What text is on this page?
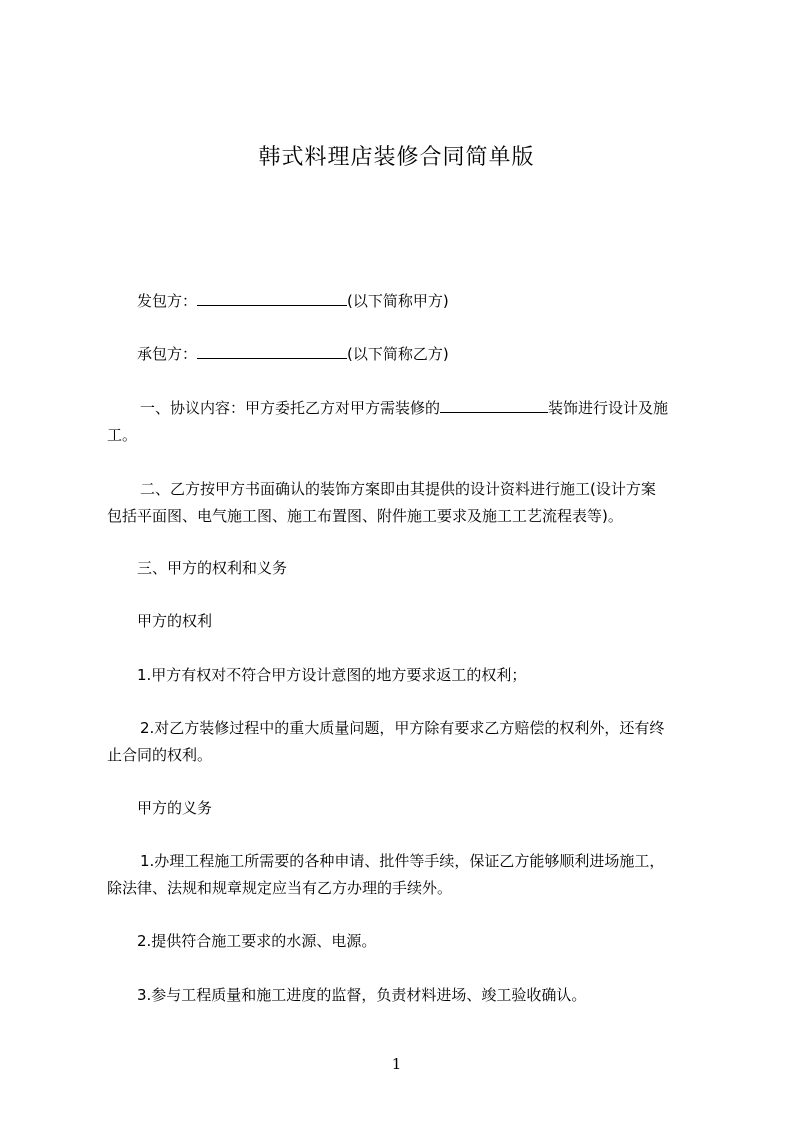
韩式料理店装修合同简单版
发包方：	(以下简称甲方)
承包方：	(以下简称乙方)
一、协议内容：甲方委托乙方对甲方需装修的	装饰进行设计及施
工。
二、乙方按甲方书面确认的装饰方案即由其提供的设计资料进行施工(设计方案
包括平面图、电气施工图、施工布置图、附件施工要求及施工工艺流程表等)。
三、甲方的权利和义务
甲方的权利
1.甲方有权对不符合甲方设计意图的地方要求返工的权利；
2.对乙方装修过程中的重大质量问题，甲方除有要求乙方赔偿的权利外，还有终
止合同的权利。
甲方的义务
1.办理工程施工所需要的各种申请、批件等手续，保证乙方能够顺利进场施工，
除法律、法规和规章规定应当有乙方办理的手续外。
2.提供符合施工要求的水源、电源。
3.参与工程质量和施工进度的监督，负责材料进场、竣工验收确认。
1
